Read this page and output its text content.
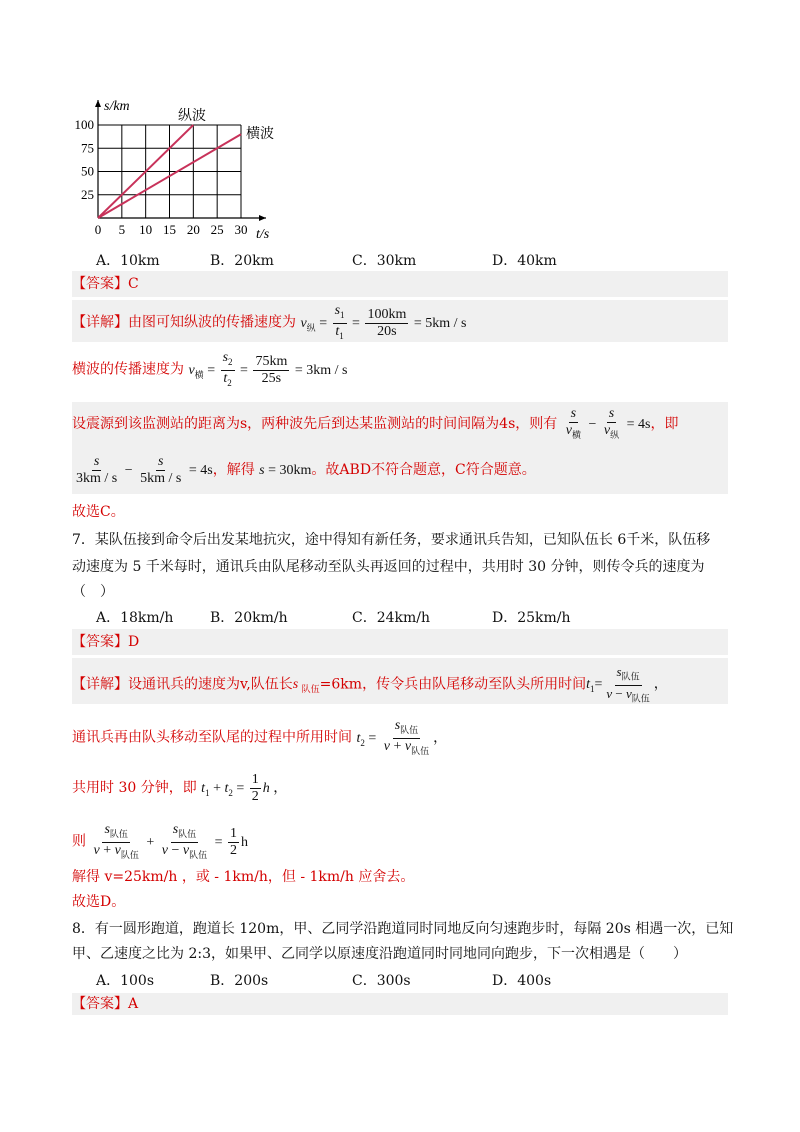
0 5 10 15 20 25 30
25
50
75
100
s/km
t/s
纵波
横波
A．10km	B．20km	C．30km	D．40km
【答案】C
【详解】由图可知纵波的传播速度为 $v_纵 = \frac{s_1}{t_1} = \frac{100km}{20s} = 5km / s$
横波的传播速度为 $v_横 = \frac{s_2}{t_2} = \frac{75km}{25s} = 3km / s$
设震源到该监测站的距离为s，两种波先后到达某监测站的时间间隔为4s，则有 $\frac{s}{v_横} - \frac{s}{v_纵} = 4s$，即
$\frac{s}{3km / s} - \frac{s}{5km / s} = 4s$，解得 s = 30km。故ABD不符合题意，C符合题意。
故选C。
7．某队伍接到命令后出发某地抗灾，途中得知有新任务，要求通讯兵告知，已知队伍长 6千米，队伍移
动速度为 5 千米每时，通讯兵由队尾移动至队头再返回的过程中，共用时 30 分钟，则传令兵的速度为
（　）
A．18km/h	B．20km/h	C．24km/h	D．25km/h
【答案】D
【详解】设通讯兵的速度为v,队伍长s $_{队伍}$=6km，传令兵由队尾移动至队头所用时间$t_1= \frac{s_{队伍}}{v - v_{队伍}}$ ，
通讯兵再由队头移动至队尾的过程中所用时间 $t_2 = \frac{s_{队伍}}{v + v_{队伍}}$ ，
共用时 30 分钟，即 $t_1 + t_2 = \frac{1}{2}$ h ，
则 $\frac{s_{队伍}}{v + v_{队伍}} + \frac{s_{队伍}}{v - v_{队伍}} = \frac{1}{2}$ h
解得 v=25km/h ，或 - 1km/h，但 - 1km/h 应舍去。
故选D。
8．有一圆形跑道，跑道长 120m，甲、乙同学沿跑道同时同地反向匀速跑步时，每隔 20s 相遇一次，已知
甲、乙速度之比为 2:3，如果甲、乙同学以原速度沿跑道同时同地同向跑步，下一次相遇是（　　）
A．100s	B．200s	C．300s	D．400s
【答案】A
